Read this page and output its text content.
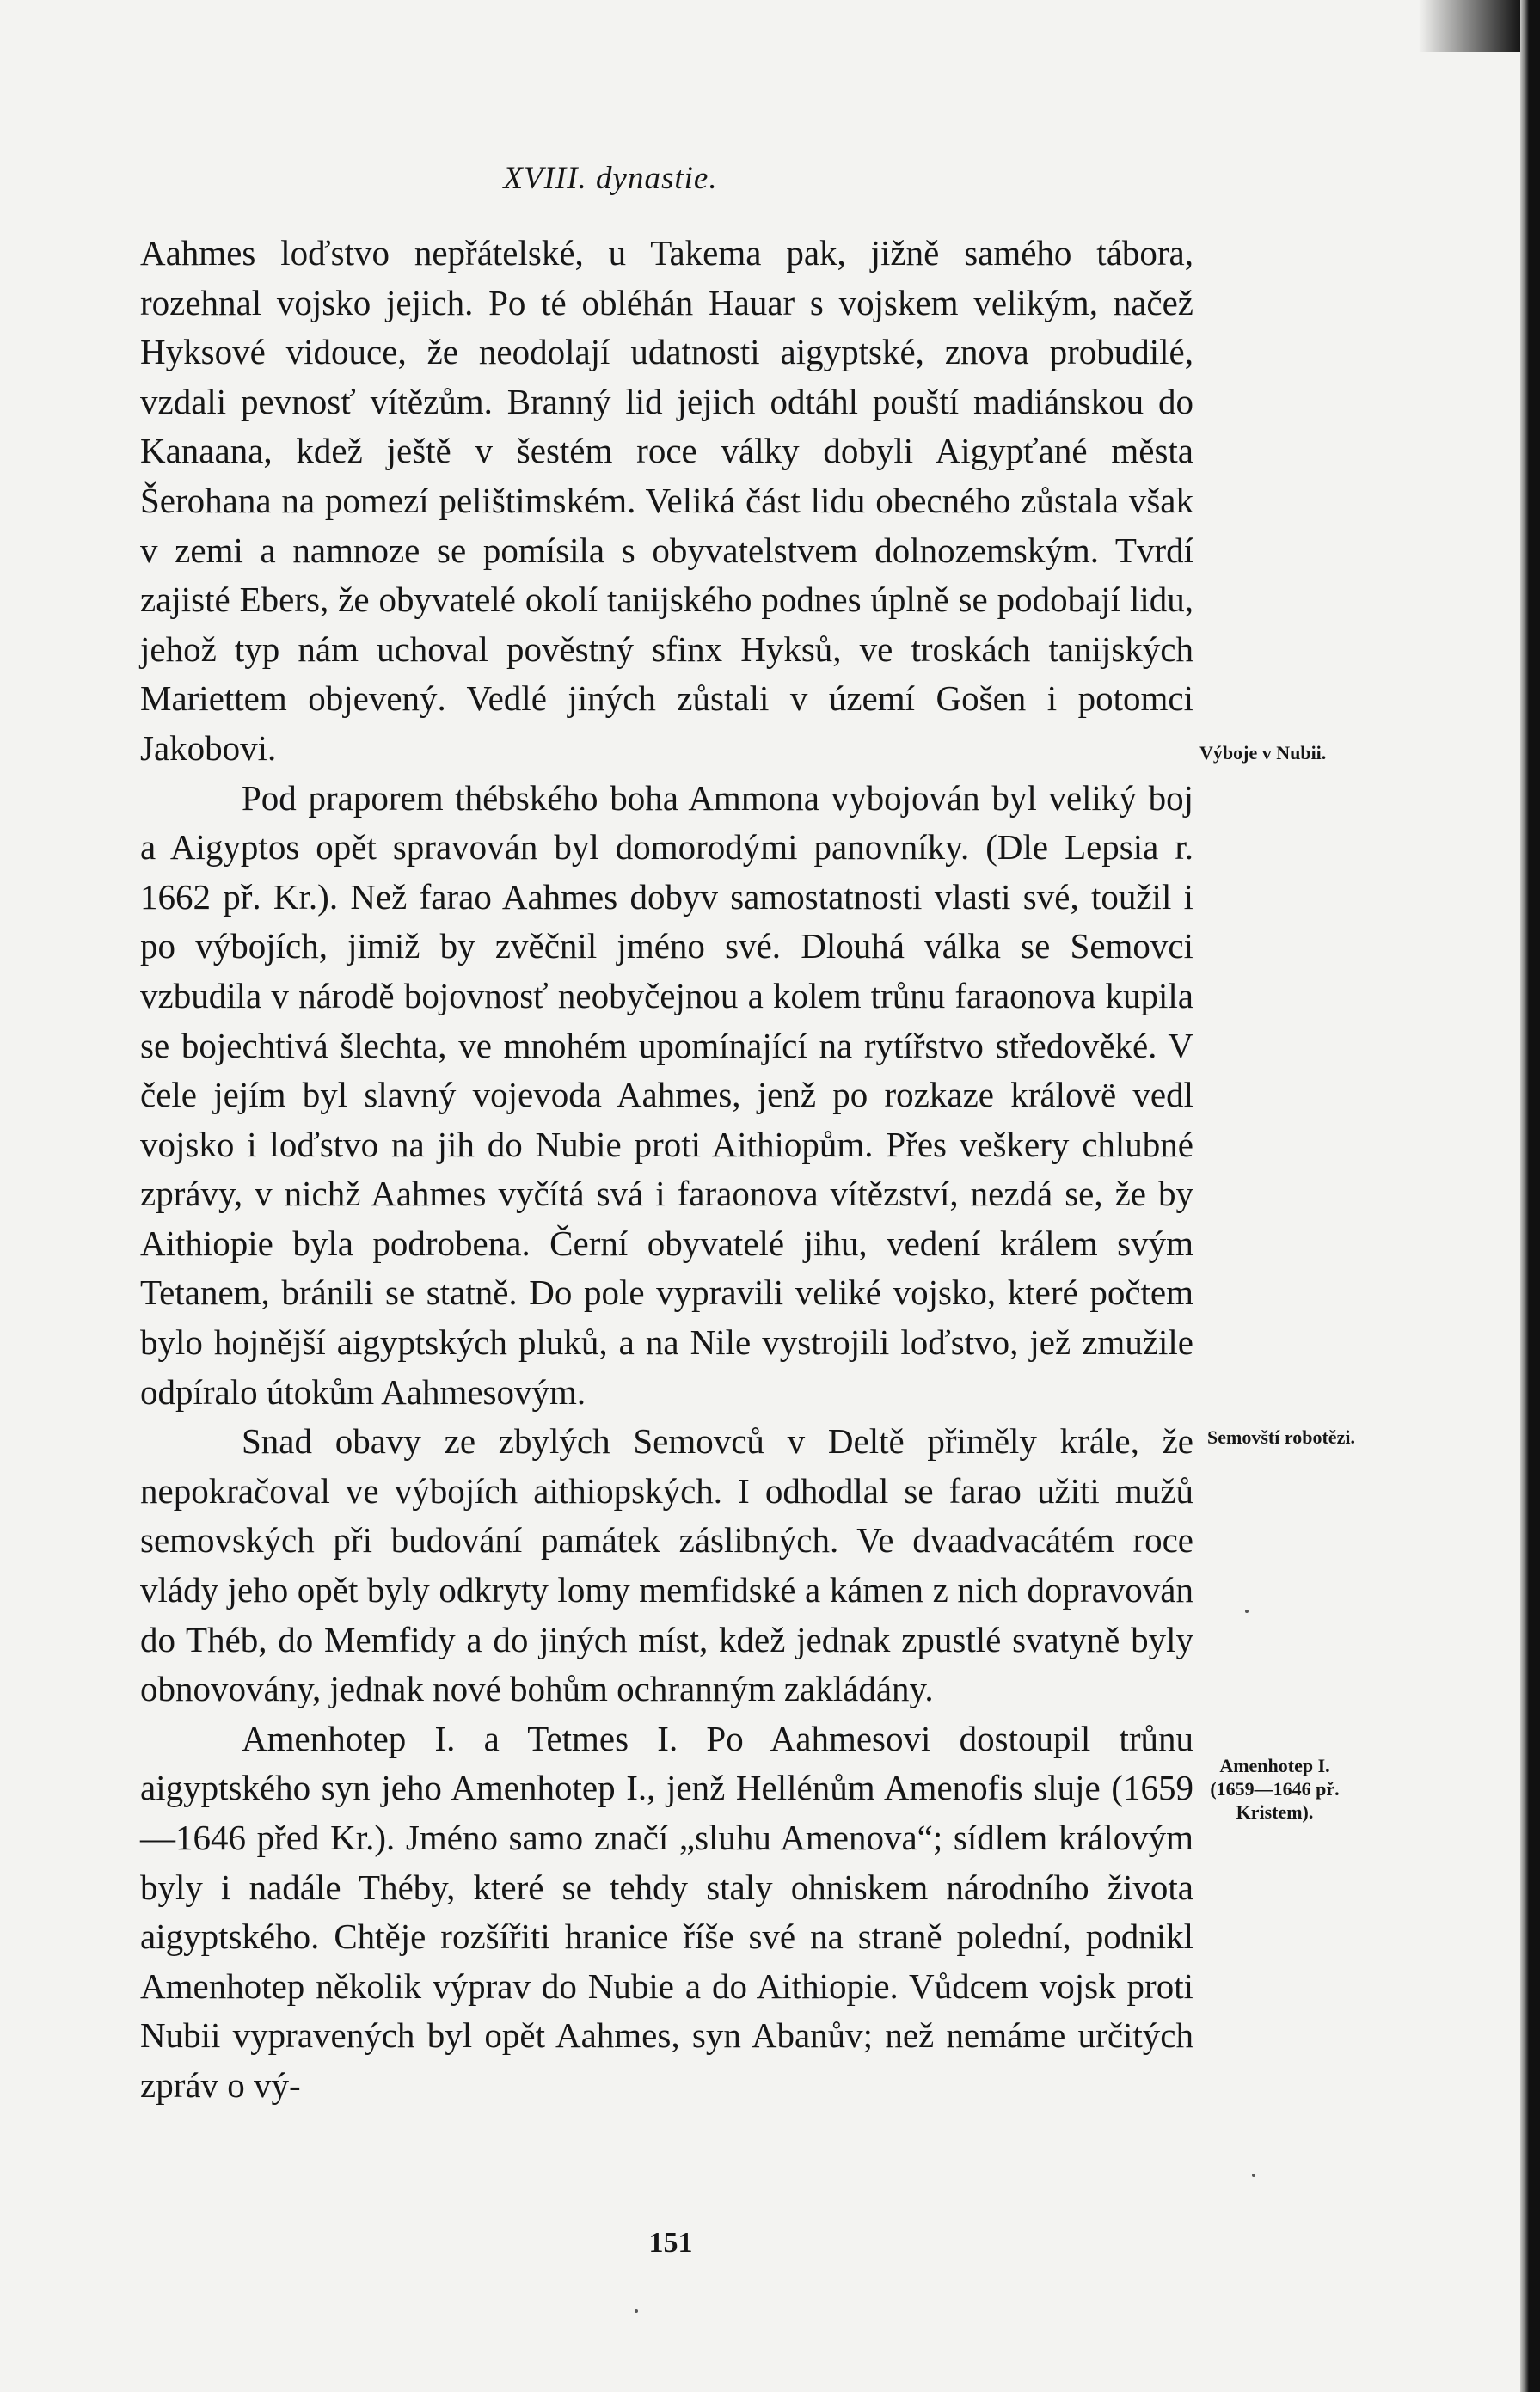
XVIII. dynastie.

Aahmes loďstvo nepřátelské, u Takema pak, jižně samého tábora, rozehnal vojsko jejich. Po té obléhán Hauar s vojskem velikým, načež Hyksové vidouce, že neodolají udatnosti aigyptské, znova probudilé, vzdali pevnosť vítězům. Branný lid jejich odtáhl pouští madiánskou do Kanaana, kdež ještě v šestém roce války dobyli Aigypťané města Šerohana na pomezí pelištimském. Veliká část lidu obecného zůstala však v zemi a namnoze se pomísila s obyvatelstvem dolnozemským. Tvrdí zajisté Ebers, že obyvatelé okolí tanijského podnes úplně se podobají lidu, jehož typ nám uchoval pověstný sfinx Hyksů, ve troskách tanijských Mariettem objevený. Vedlé jiných zůstali v území Gošen i potomci Jakobovi.

Pod praporem thébského boha Ammona vybojován byl veliký boj a Aigyptos opět spravován byl domorodými panovníky. (Dle Lepsia r. 1662 př. Kr.). Než farao Aahmes dobyv samostatnosti vlasti své, toužil i po výbojích, jimiž by zvěčnil jméno své. Dlouhá válka se Semovci vzbudila v národě bojovnosť neobyčejnou a kolem trůnu faraonova kupila se bojechtivá šlechta, ve mnohém upomínající na rytířstvo středověké. V čele jejím byl slavný vojevoda Aahmes, jenž po rozkaze královë vedl vojsko i loďstvo na jih do Nubie proti Aithiopům. Přes veškery chlubné zprávy, v nichž Aahmes vyčítá svá i faraonova vítězství, nezdá se, že by Aithiopie byla podrobena. Černí obyvatelé jihu, vedení králem svým Tetanem, bránili se statně. Do pole vypravili veliké vojsko, které počtem bylo hojnější aigyptských pluků, a na Nile vystrojili loďstvo, jež zmužile odpíralo útokům Aahmesovým.

Snad obavy ze zbylých Semovců v Deltě přiměly krále, že nepokračoval ve výbojích aithiopských. I odhodlal se farao užiti mužů semovských při budování památek záslibných. Ve dvaadvacátém roce vlády jeho opět byly odkryty lomy memfidské a kámen z nich dopravován do Théb, do Memfidy a do jiných míst, kdež jednak zpustlé svatyně byly obnovovány, jednak nové bohům ochranným zakládány.

Amenhotep I. a Tetmes I. Po Aahmesovi dostoupil trůnu aigyptského syn jeho Amenhotep I., jenž Hellénům Amenofis sluje (1659—1646 před Kr.). Jméno samo značí „sluhu Amenova“; sídlem královým byly i nadále Théby, které se tehdy staly ohniskem národního života aigyptského. Chtěje rozšířiti hranice říše své na straně polední, podnikl Amenhotep několik výprav do Nubie a do Aithiopie. Vůdcem vojsk proti Nubii vypravených byl opět Aahmes, syn Abanův; než nemáme určitých zpráv o vý-

Výboje v Nubii.
Semovští robotězi.
Amenhotep I. (1659—1646 př. Kristem).
151
